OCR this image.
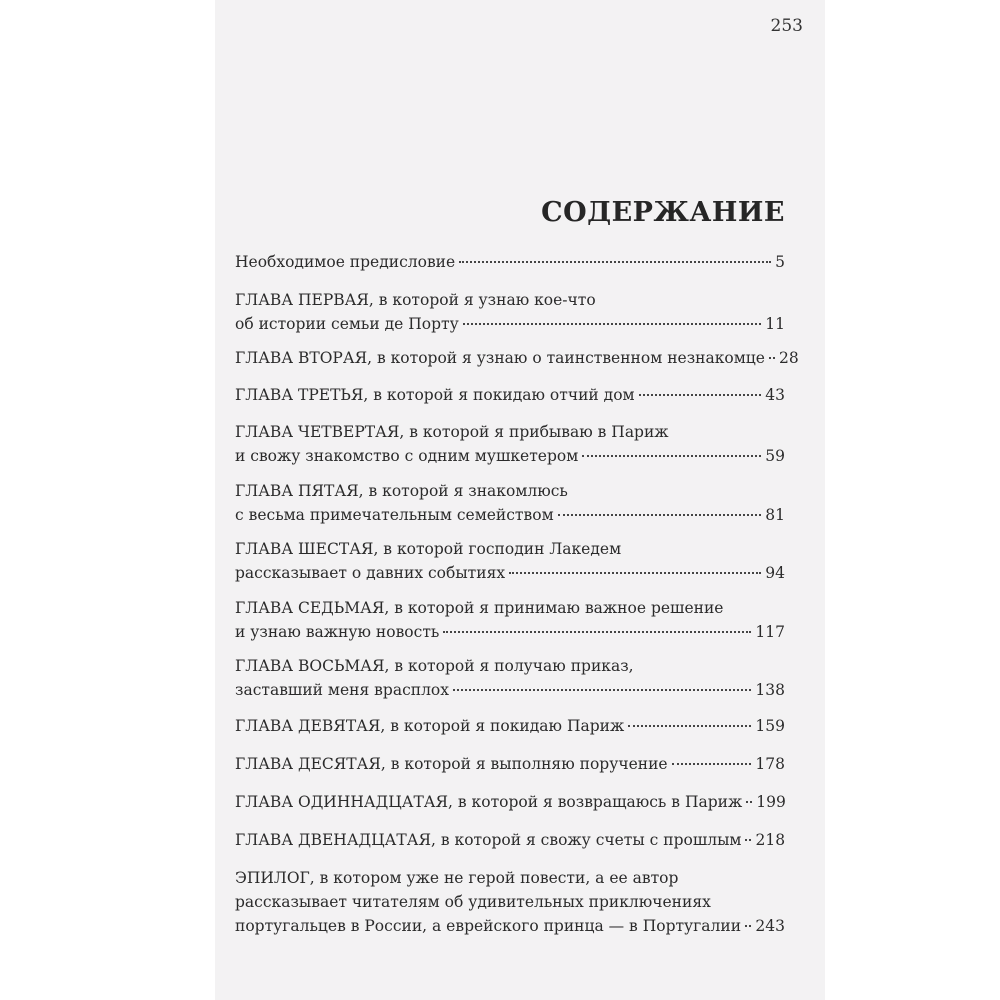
253
СОДЕРЖАНИЕ
Необходимое предисловие	5
ГЛАВА ПЕРВАЯ, в которой я узнаю кое-что
об истории семьи де Порту	11
ГЛАВА ВТОРАЯ, в которой я узнаю о таинственном незнакомце 28
ГЛАВА ТРЕТЬЯ, в которой я покидаю отчий дом	43
ГЛАВА ЧЕТВЕРТАЯ, в которой я прибываю в Париж
и свожу знакомство с одним мушкетером	59
ГЛАВА ПЯТАЯ, в которой я знакомлюсь
с весьма примечательным семейством	81
ГЛАВА ШЕСТАЯ, в которой господин Лакедем
рассказывает о давних событиях	94
ГЛАВА СЕДЬМАЯ, в которой я принимаю важное решение
и узнаю важную новость	117
ГЛАВА ВОСЬМАЯ, в которой я получаю приказ,
заставший меня врасплох	138
ГЛАВА ДЕВЯТАЯ, в которой я покидаю Париж	159
ГЛАВА ДЕСЯТАЯ, в которой я выполняю поручение	178
ГЛАВА ОДИННАДЦАТАЯ, в которой я возвращаюсь в Париж 199
ГЛАВА ДВЕНАДЦАТАЯ, в которой я свожу счеты с прошлым 218
ЭПИЛОГ, в котором уже не герой повести, а ее автор
рассказывает читателям об удивительных приключениях
португальцев в России, а еврейского принца — в Португалии 243
